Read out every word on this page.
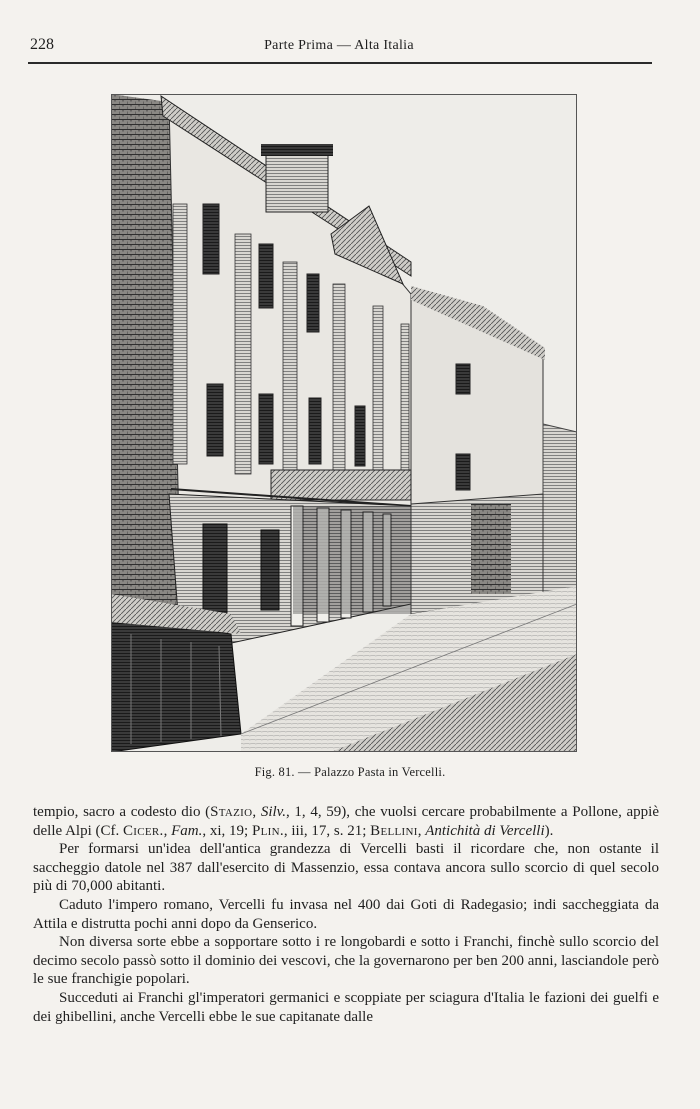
228	Parte Prima — Alta Italia
Fig. 81. — Palazzo Pasta in Vercelli.

tempio, sacro a codesto dio (Stazio, Silv., 1, 4, 59), che vuolsi cercare probabilmente a Pollone, appiè delle Alpi (Cf. Cicer., Fam., xi, 19; Plin., iii, 17, s. 21; Bellini, Antichità di Vercelli).

Per formarsi un'idea dell'antica grandezza di Vercelli basti il ricordare che, non ostante il saccheggio datole nel 387 dall'esercito di Massenzio, essa contava ancora sullo scorcio di quel secolo più di 70,000 abitanti.

Caduto l'impero romano, Vercelli fu invasa nel 400 dai Goti di Radegasio; indi saccheggiata da Attila e distrutta pochi anni dopo da Genserico.

Non diversa sorte ebbe a sopportare sotto i re longobardi e sotto i Franchi, finchè sullo scorcio del decimo secolo passò sotto il dominio dei vescovi, che la governarono per ben 200 anni, lasciandole però le sue franchigie popolari.

Succeduti ai Franchi gl'imperatori germanici e scoppiate per sciagura d'Italia le fazioni dei guelfi e dei ghibellini, anche Vercelli ebbe le sue capitanate dalle
